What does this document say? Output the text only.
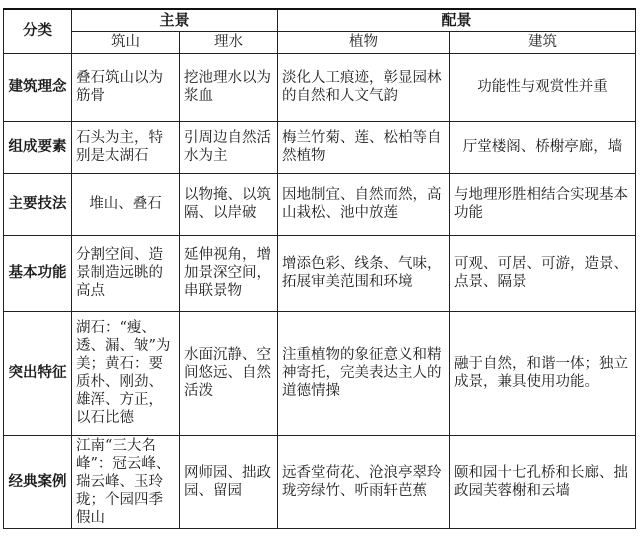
分类	主景		配景	
	筑山	理水	植物	建筑
建筑理念	叠石筑山以为筋骨	挖池理水以为浆血	淡化人工痕迹，彰显园林的自然和人文气韵	功能性与观赏性并重
组成要素	石头为主，特别是太湖石	引周边自然活水为主	梅兰竹菊、莲、松柏等自然植物	厅堂楼阁、桥榭亭廊，墙
主要技法	堆山、叠石	以物掩、以筑隔、以岸破	因地制宜、自然而然，高山栽松、池中放莲	与地理形胜相结合实现基本功能
基本功能	分割空间、造景制造远眺的高点	延伸视角，增加景深空间，串联景物	增添色彩、线条、气味，拓展审美范围和环境	可观、可居、可游，造景、点景、隔景
突出特征	湖石：“瘦、透、漏、皱”为美；黄石：要质朴、刚劲、雄浑、方正，以石比德	水面沉静、空间悠远、自然活泼	注重植物的象征意义和精神寄托，完美表达主人的道德情操	融于自然，和谐一体；独立成景，兼具使用功能。
经典案例	江南“三大名峰”：冠云峰、瑞云峰、玉玲珑；个园四季假山	网师园、拙政园、留园	远香堂荷花、沧浪亭翠玲珑旁绿竹、听雨轩芭蕉	颐和园十七孔桥和长廊、拙政园芙蓉榭和云墙
